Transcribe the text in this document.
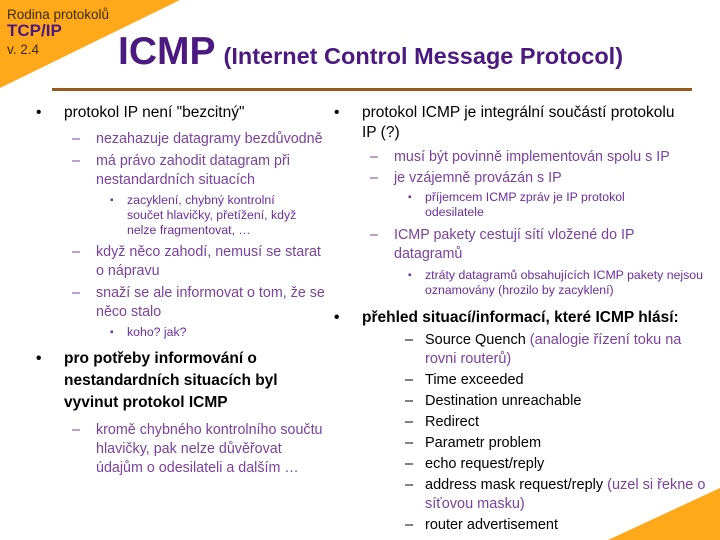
Rodina protokolů
TCP/IP
v. 2.4 ICMP (Internet Control Message Protocol)
• protokol IP není "bezcitný"
– nezahazuje datagramy bezdůvodně
– má právo zahodit datagram při nestandardních situacích
▪ zacyklení, chybný kontrolní součet hlavičky, přetížení, když nelze fragmentovat, …
– když něco zahodí, nemusí se starat o nápravu
– snaží se ale informovat o tom, že se něco stalo
▪ koho? jak?
• pro potřeby informování o nestandardních situacích byl vyvinut protokol ICMP
– kromě chybného kontrolního součtu hlavičky, pak nelze důvěřovat údajům o odesilateli a dalším …
• protokol ICMP je integrální součástí protokolu IP (?)
– musí být povinně implementován spolu s IP
– je vzájemně provázán s IP
▪ příjemcem ICMP zpráv je IP protokol odesilatele
– ICMP pakety cestují sítí vložené do IP datagramů
▪ ztráty datagramů obsahujících ICMP pakety nejsou oznamovány (hrozilo by zacyklení)
• přehled situací/informací, které ICMP hlásí:
– Source Quench (analogie řízení toku na rovni routerů)
– Time exceeded
– Destination unreachable
– Redirect
– Parametr problem
– echo request/reply
– address mask request/reply (uzel si řekne o síťovou masku)
– router advertisement
